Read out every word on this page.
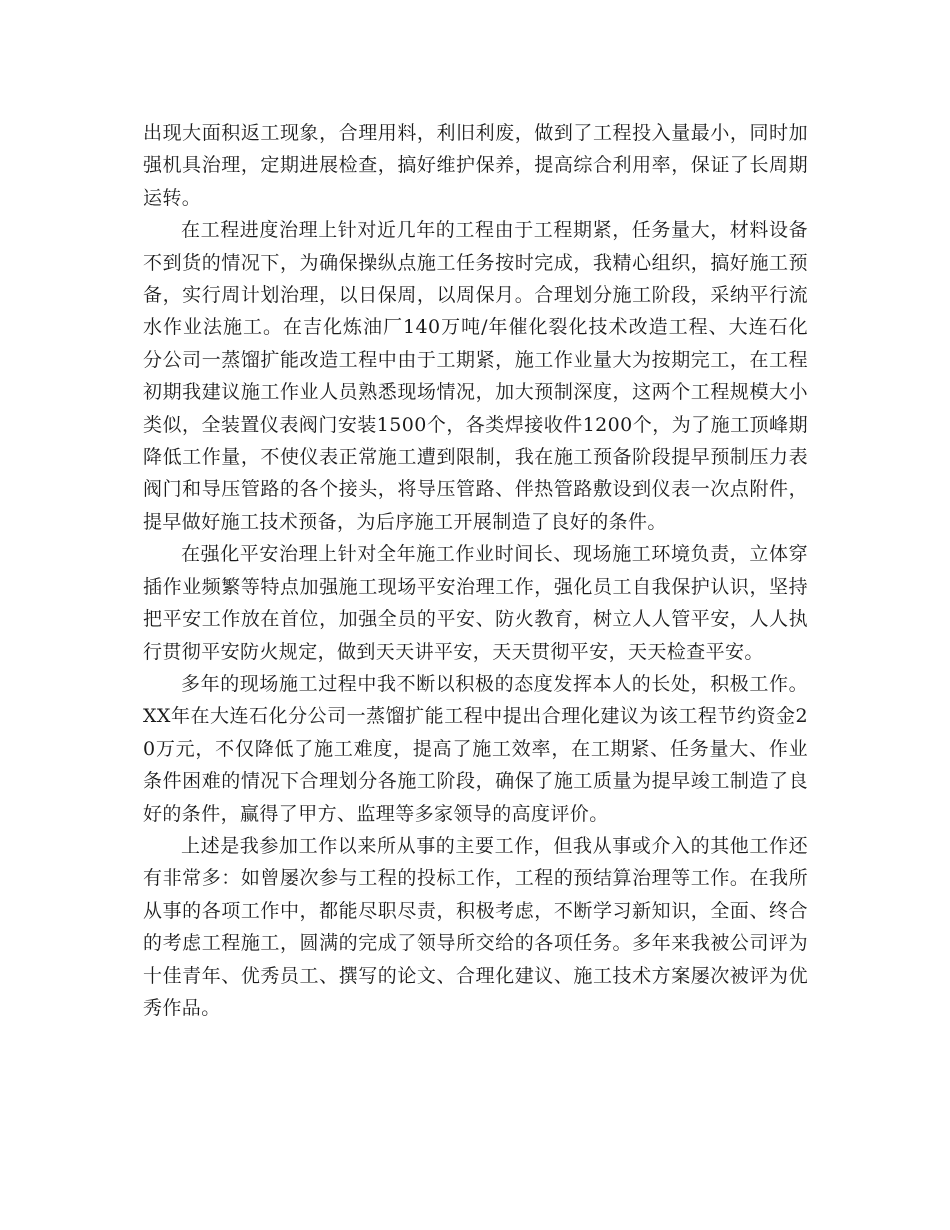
出现大面积返工现象，合理用料，利旧利废，做到了工程投入量最小，同时加强机具治理，定期进展检查，搞好维护保养，提高综合利用率，保证了长周期运转。

在工程进度治理上针对近几年的工程由于工程期紧，任务量大，材料设备不到货的情况下，为确保操纵点施工任务按时完成，我精心组织，搞好施工预备，实行周计划治理，以日保周，以周保月。合理划分施工阶段，采纳平行流水作业法施工。在吉化炼油厂140万吨/年催化裂化技术改造工程、大连石化分公司一蒸馏扩能改造工程中由于工期紧，施工作业量大为按期完工，在工程初期我建议施工作业人员熟悉现场情况，加大预制深度，这两个工程规模大小类似，全装置仪表阀门安装1500个，各类焊接收件1200个，为了施工顶峰期降低工作量，不使仪表正常施工遭到限制，我在施工预备阶段提早预制压力表阀门和导压管路的各个接头，将导压管路、伴热管路敷设到仪表一次点附件，提早做好施工技术预备，为后序施工开展制造了良好的条件。

在强化平安治理上针对全年施工作业时间长、现场施工环境负责，立体穿插作业频繁等特点加强施工现场平安治理工作，强化员工自我保护认识，坚持把平安工作放在首位，加强全员的平安、防火教育，树立人人管平安，人人执行贯彻平安防火规定，做到天天讲平安，天天贯彻平安，天天检查平安。

多年的现场施工过程中我不断以积极的态度发挥本人的长处，积极工作。XX年在大连石化分公司一蒸馏扩能工程中提出合理化建议为该工程节约资金20万元，不仅降低了施工难度，提高了施工效率，在工期紧、任务量大、作业条件困难的情况下合理划分各施工阶段，确保了施工质量为提早竣工制造了良好的条件，赢得了甲方、监理等多家领导的高度评价。

上述是我参加工作以来所从事的主要工作，但我从事或介入的其他工作还有非常多：如曾屡次参与工程的投标工作，工程的预结算治理等工作。在我所从事的各项工作中，都能尽职尽责，积极考虑，不断学习新知识，全面、终合的考虑工程施工，圆满的完成了领导所交给的各项任务。多年来我被公司评为十佳青年、优秀员工、撰写的论文、合理化建议、施工技术方案屡次被评为优秀作品。
